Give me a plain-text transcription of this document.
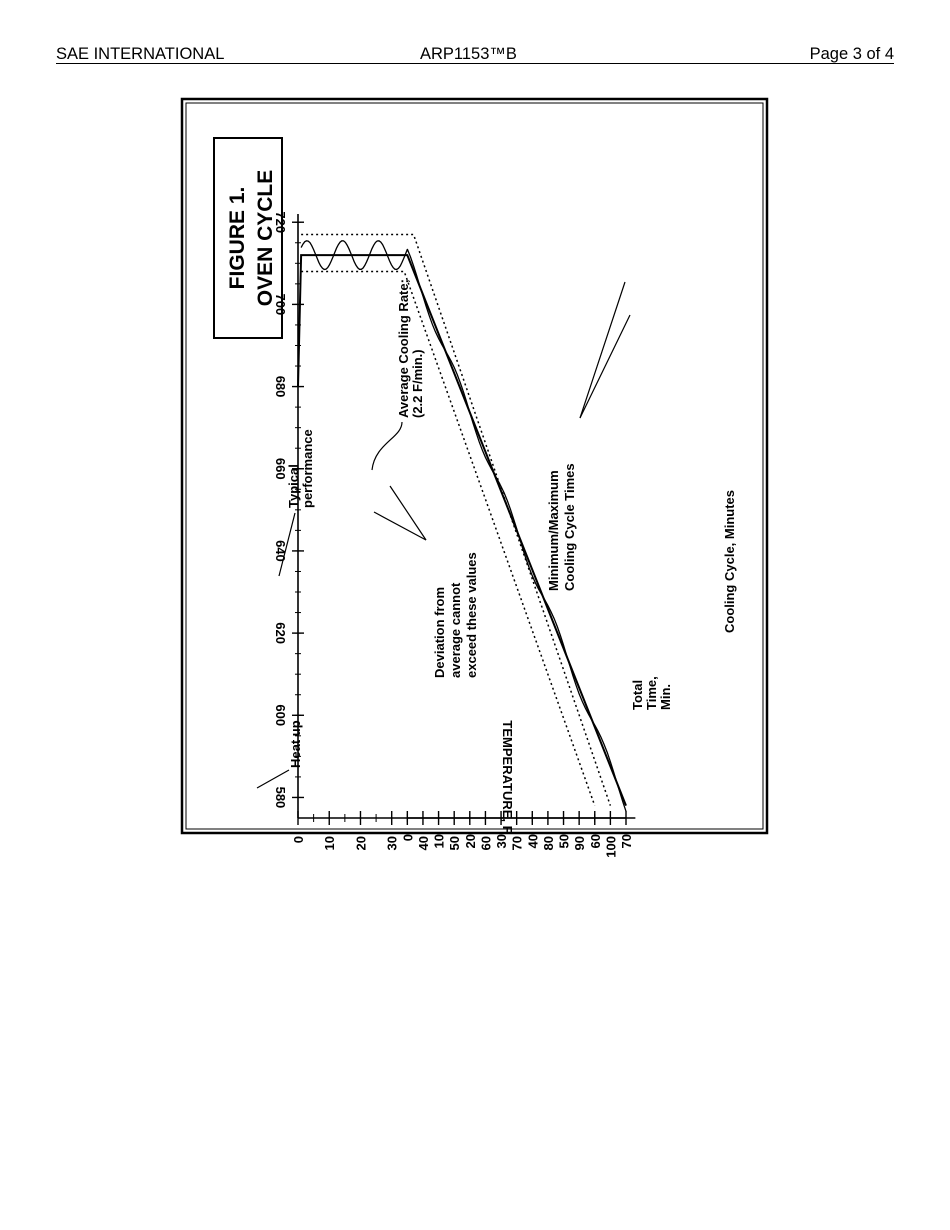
SAE INTERNATIONAL	ARP1153™B	Page 3 of 4
FIGURE 1. OVEN CYCLE
720
700
680
660
640
620
600
580
0 10 20 30 40 50 60 70 80 90 100
0 10 20 30 40 50 60 70
TEMPERATURE, F
Total Time, Min.
Cooling Cycle, Minutes
Heat up
Typical performance
Average Cooling Rate; (2.2 F/min.)
Deviation from average cannot exceed these values
Minimum/Maximum Cooling Cycle Times
